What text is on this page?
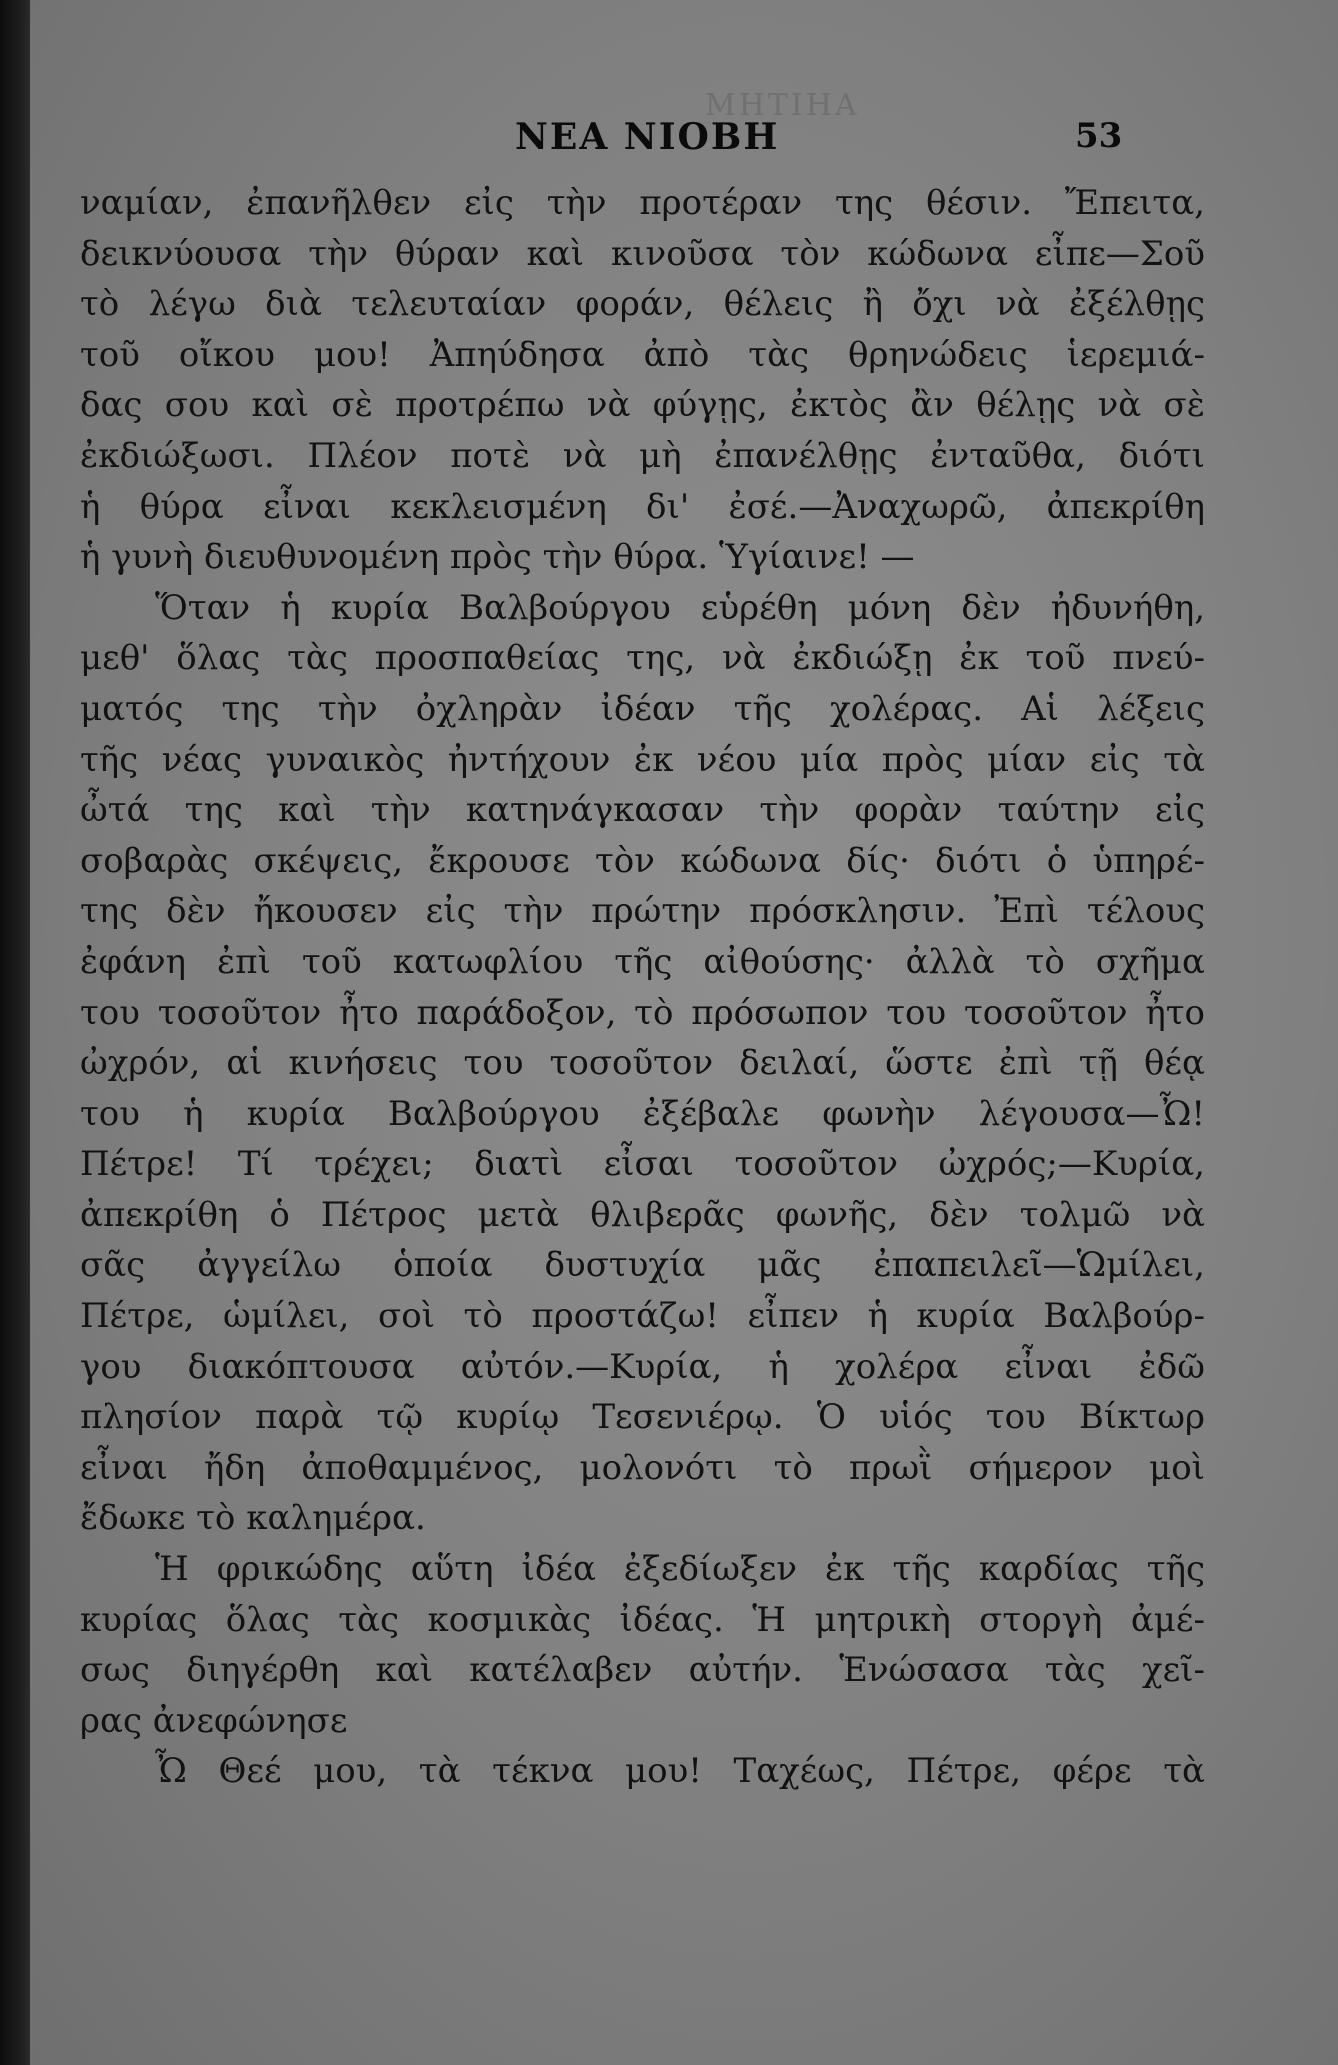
ΜΗΤΙΗΑ
ΝΕΑ ΝΙΟΒΗ	53
ναμίαν, ἐπανῆλθεν εἰς τὴν προτέραν της θέσιν. Ἔπειτα,
δεικνύουσα τὴν θύραν καὶ κινοῦσα τὸν κώδωνα εἶπε—Σοῦ
τὸ λέγω διὰ τελευταίαν φοράν, θέλεις ἢ ὄχι νὰ ἐξέλθῃς
τοῦ οἴκου μου! Ἀπηύδησα ἀπὸ τὰς θρηνώδεις ἱερεμιά-
δας σου καὶ σὲ προτρέπω νὰ φύγῃς, ἐκτὸς ἂν θέλῃς νὰ σὲ
ἐκδιώξωσι. Πλέον ποτὲ νὰ μὴ ἐπανέλθῃς ἐνταῦθα, διότι
ἡ θύρα εἶναι κεκλεισμένη δι' ἐσέ.—Ἀναχωρῶ, ἀπεκρίθη
ἡ γυνὴ διευθυνομένη πρὸς τὴν θύρα. Ὑγίαινε! —
Ὅταν ἡ κυρία Βαλβούργου εὑρέθη μόνη δὲν ἠδυνήθη,
μεθ' ὅλας τὰς προσπαθείας της, νὰ ἐκδιώξῃ ἐκ τοῦ πνεύ-
ματός της τὴν ὀχληρὰν ἰδέαν τῆς χολέρας. Αἱ λέξεις
τῆς νέας γυναικὸς ἠντήχουν ἐκ νέου μία πρὸς μίαν εἰς τὰ
ὦτά της καὶ τὴν κατηνάγκασαν τὴν φορὰν ταύτην εἰς
σοβαρὰς σκέψεις, ἔκρουσε τὸν κώδωνα δίς· διότι ὁ ὑπηρέ-
της δὲν ἤκουσεν εἰς τὴν πρώτην πρόσκλησιν. Ἐπὶ τέλους
ἐφάνη ἐπὶ τοῦ κατωφλίου τῆς αἰθούσης· ἀλλὰ τὸ σχῆμα
του τοσοῦτον ἦτο παράδοξον, τὸ πρόσωπον του τοσοῦτον ἦτο
ὠχρόν, αἱ κινήσεις του τοσοῦτον δειλαί, ὥστε ἐπὶ τῇ θέᾳ
του ἡ κυρία Βαλβούργου ἐξέβαλε φωνὴν λέγουσα—Ὦ!
Πέτρε! Τί τρέχει; διατὶ εἶσαι τοσοῦτον ὠχρός;—Κυρία,
ἀπεκρίθη ὁ Πέτρος μετὰ θλιβερᾶς φωνῆς, δὲν τολμῶ νὰ
σᾶς ἀγγείλω ὁποία δυστυχία μᾶς ἐπαπειλεῖ—Ὡμίλει,
Πέτρε, ὡμίλει, σοὶ τὸ προστάζω! εἶπεν ἡ κυρία Βαλβούρ-
γου διακόπτουσα αὐτόν.—Κυρία, ἡ χολέρα εἶναι ἐδῶ
πλησίον παρὰ τῷ κυρίῳ Τεσενιέρῳ. Ὁ υἱός του Βίκτωρ
εἶναι ἤδη ἀποθαμμένος, μολονότι τὸ πρωῒ σήμερον μοὶ
ἔδωκε τὸ καλημέρα.
Ἡ φρικώδης αὕτη ἰδέα ἐξεδίωξεν ἐκ τῆς καρδίας τῆς
κυρίας ὅλας τὰς κοσμικὰς ἰδέας. Ἡ μητρικὴ στοργὴ ἀμέ-
σως διηγέρθη καὶ κατέλαβεν αὐτήν. Ἑνώσασα τὰς χεῖ-
ρας ἀνεφώνησε
Ὦ Θεέ μου, τὰ τέκνα μου! Ταχέως, Πέτρε, φέρε τὰ
